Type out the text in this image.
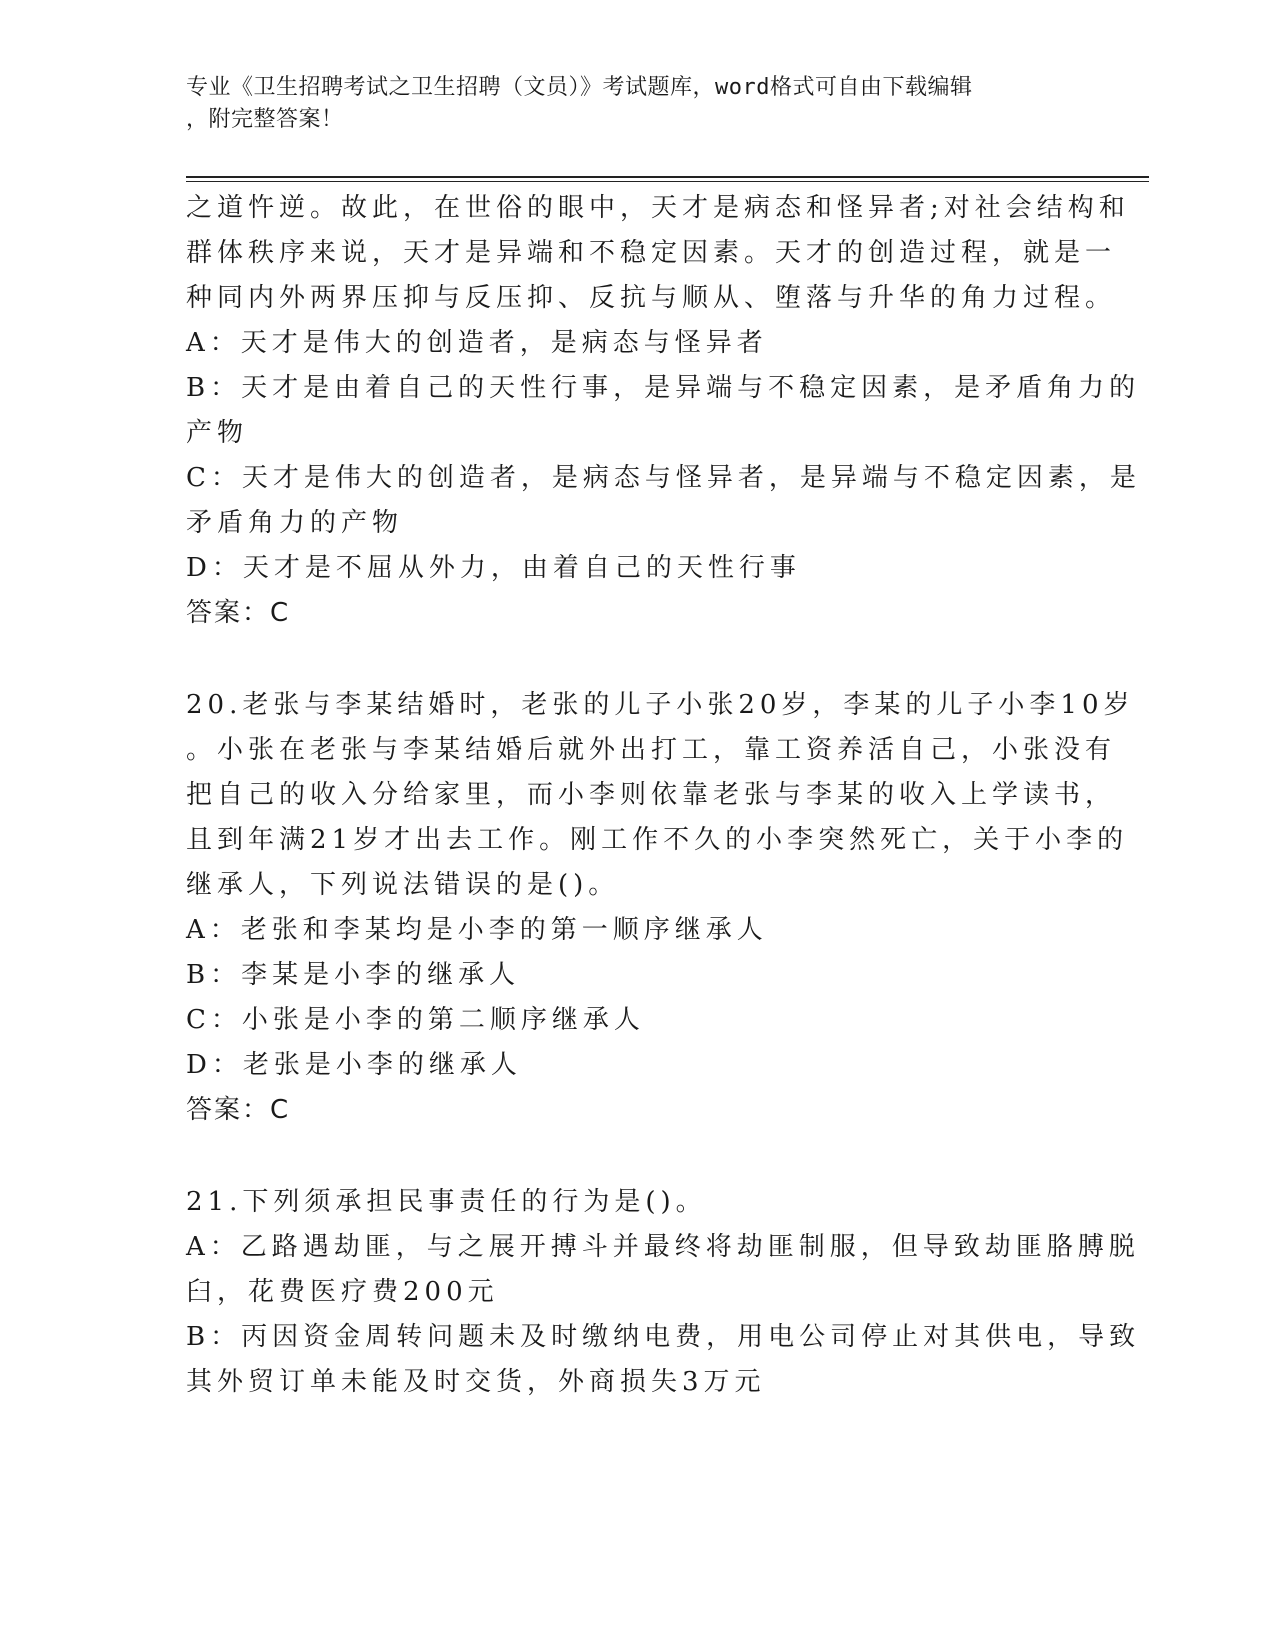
专业《卫生招聘考试之卫生招聘（文员）》考试题库，word格式可自由下载编辑
，附完整答案！
之道忤逆。故此，在世俗的眼中，天才是病态和怪异者;对社会结构和
群体秩序来说，天才是异端和不稳定因素。天才的创造过程，就是一
种同内外两界压抑与反压抑、反抗与顺从、堕落与升华的角力过程。
A：天才是伟大的创造者，是病态与怪异者
B：天才是由着自己的天性行事，是异端与不稳定因素，是矛盾角力的
产物
C：天才是伟大的创造者，是病态与怪异者，是异端与不稳定因素，是
矛盾角力的产物
D：天才是不屈从外力，由着自己的天性行事
答案：C
20.老张与李某结婚时，老张的儿子小张20岁，李某的儿子小李10岁
。小张在老张与李某结婚后就外出打工，靠工资养活自己，小张没有
把自己的收入分给家里，而小李则依靠老张与李某的收入上学读书，
且到年满21岁才出去工作。刚工作不久的小李突然死亡，关于小李的
继承人，下列说法错误的是()。
A：老张和李某均是小李的第一顺序继承人
B：李某是小李的继承人
C：小张是小李的第二顺序继承人
D：老张是小李的继承人
答案：C
21.下列须承担民事责任的行为是()。
A：乙路遇劫匪，与之展开搏斗并最终将劫匪制服，但导致劫匪胳膊脱
臼，花费医疗费200元
B：丙因资金周转问题未及时缴纳电费，用电公司停止对其供电，导致
其外贸订单未能及时交货，外商损失3万元
